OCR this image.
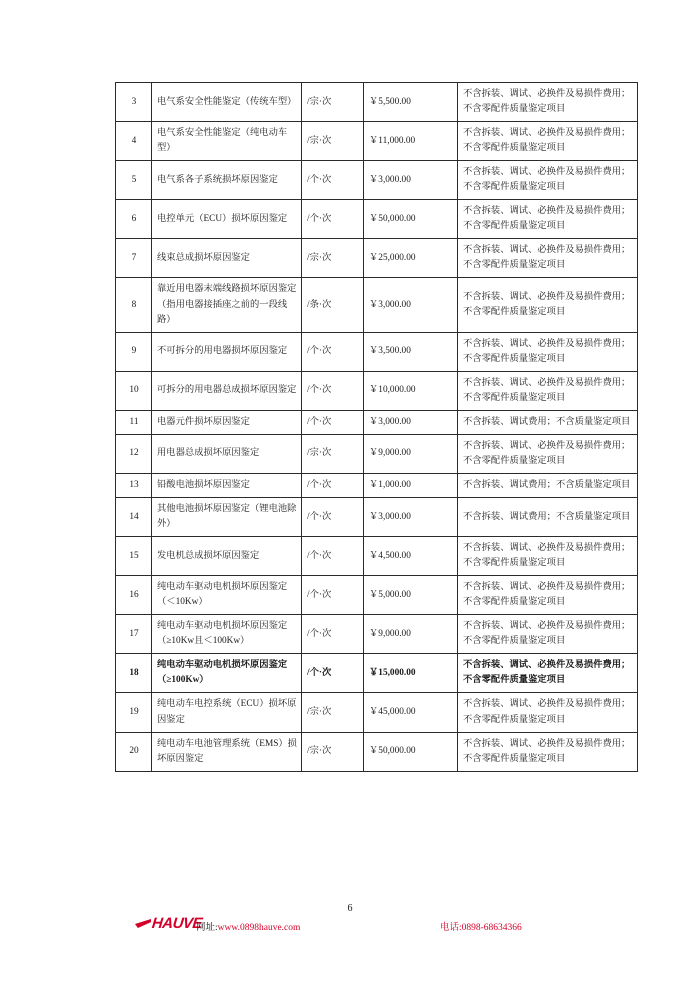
3	电气系安全性能鉴定（传统车型）	/宗·次	￥5,500.00	不含拆装、调试、必换件及易损件费用；不含零配件质量鉴定项目
4	电气系安全性能鉴定（纯电动车型）	/宗·次	￥11,000.00	不含拆装、调试、必换件及易损件费用；不含零配件质量鉴定项目
5	电气系各子系统损坏原因鉴定	/个·次	￥3,000.00	不含拆装、调试、必换件及易损件费用；不含零配件质量鉴定项目
6	电控单元（ECU）损坏原因鉴定	/个·次	￥50,000.00	不含拆装、调试、必换件及易损件费用；不含零配件质量鉴定项目
7	线束总成损坏原因鉴定	/宗·次	￥25,000.00	不含拆装、调试、必换件及易损件费用；不含零配件质量鉴定项目
8	靠近用电器末端线路损坏原因鉴定（指用电器接插座之前的一段线路）	/条·次	￥3,000.00	不含拆装、调试、必换件及易损件费用；不含零配件质量鉴定项目
9	不可拆分的用电器损坏原因鉴定	/个·次	￥3,500.00	不含拆装、调试、必换件及易损件费用；不含零配件质量鉴定项目
10	可拆分的用电器总成损坏原因鉴定	/个·次	￥10,000.00	不含拆装、调试、必换件及易损件费用；不含零配件质量鉴定项目
11	电器元件损坏原因鉴定	/个·次	￥3,000.00	不含拆装、调试费用；不含质量鉴定项目
12	用电器总成损坏原因鉴定	/宗·次	￥9,000.00	不含拆装、调试、必换件及易损件费用；不含零配件质量鉴定项目
13	铅酸电池损坏原因鉴定	/个·次	￥1,000.00	不含拆装、调试费用；不含质量鉴定项目
14	其他电池损坏原因鉴定（锂电池除外）	/个·次	￥3,000.00	不含拆装、调试费用；不含质量鉴定项目
15	发电机总成损坏原因鉴定	/个·次	￥4,500.00	不含拆装、调试、必换件及易损件费用；不含零配件质量鉴定项目
16	纯电动车驱动电机损坏原因鉴定（＜10Kw）	/个·次	￥5,000.00	不含拆装、调试、必换件及易损件费用；不含零配件质量鉴定项目
17	纯电动车驱动电机损坏原因鉴定（≥10Kw且＜100Kw）	/个·次	￥9,000.00	不含拆装、调试、必换件及易损件费用；不含零配件质量鉴定项目
18	纯电动车驱动电机损坏原因鉴定（≥100Kw）	/个·次	￥15,000.00	不含拆装、调试、必换件及易损件费用；不含零配件质量鉴定项目
19	纯电动车电控系统（ECU）损坏原因鉴定	/宗·次	￥45,000.00	不含拆装、调试、必换件及易损件费用；不含零配件质量鉴定项目
20	纯电动车电池管理系统（EMS）损坏原因鉴定	/宗·次	￥50,000.00	不含拆装、调试、必换件及易损件费用；不含零配件质量鉴定项目
6
HAUVE
网址:www.0898hauve.com	电话:0898-68634366
